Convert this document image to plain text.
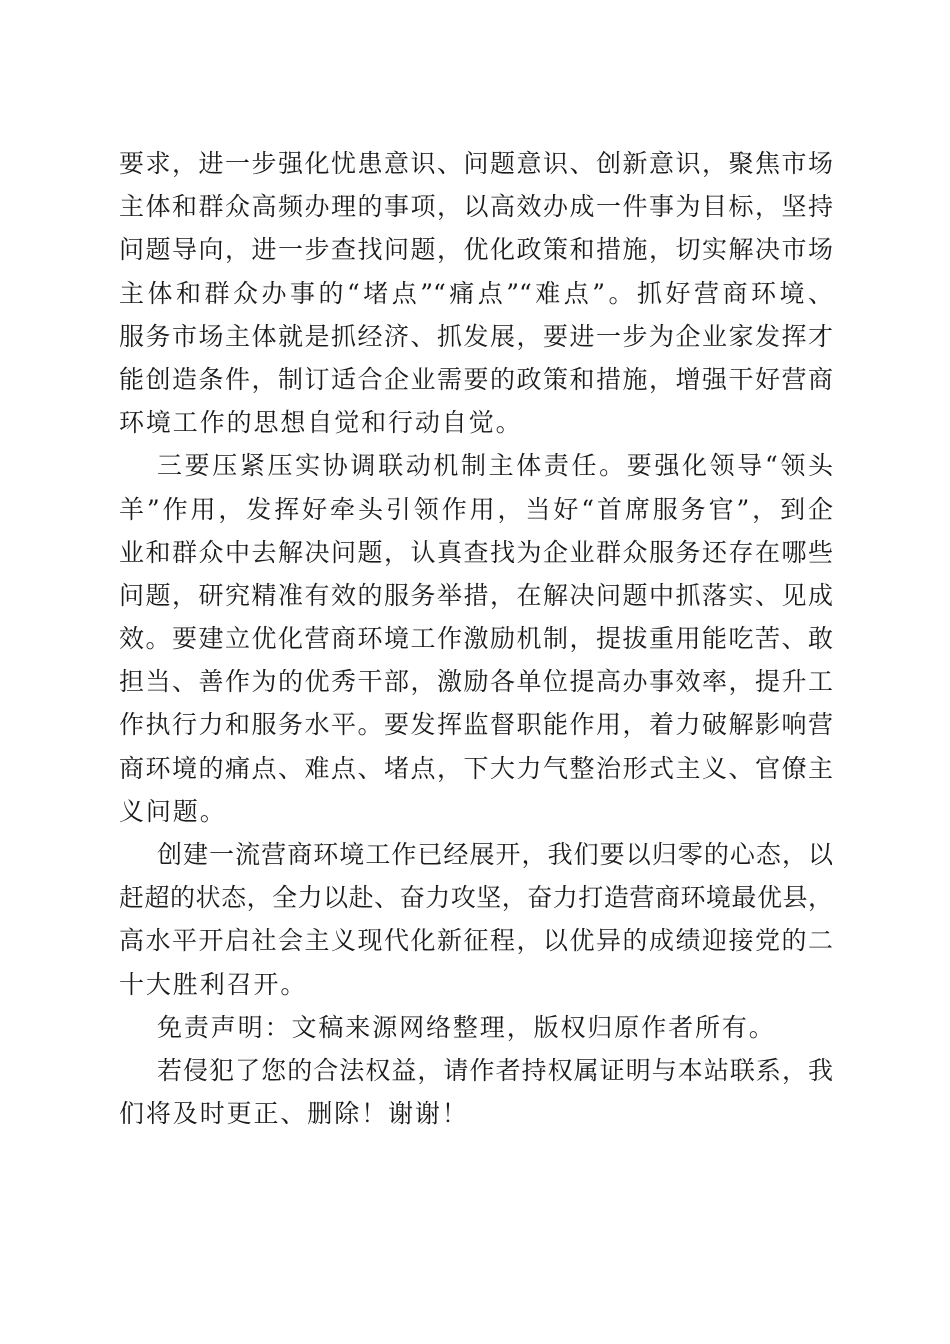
要求，进一步强化忧患意识、问题意识、创新意识，聚焦市场
主体和群众高频办理的事项，以高效办成一件事为目标，坚持
问题导向，进一步查找问题，优化政策和措施，切实解决市场
主体和群众办事的“堵点”“痛点”“难点”。抓好营商环境、
服务市场主体就是抓经济、抓发展，要进一步为企业家发挥才
能创造条件，制订适合企业需要的政策和措施，增强干好营商
环境工作的思想自觉和行动自觉。
三要压紧压实协调联动机制主体责任。要强化领导“领头
羊”作用，发挥好牵头引领作用，当好“首席服务官”，到企
业和群众中去解决问题，认真查找为企业群众服务还存在哪些
问题，研究精准有效的服务举措，在解决问题中抓落实、见成
效。要建立优化营商环境工作激励机制，提拔重用能吃苦、敢
担当、善作为的优秀干部，激励各单位提高办事效率，提升工
作执行力和服务水平。要发挥监督职能作用，着力破解影响营
商环境的痛点、难点、堵点，下大力气整治形式主义、官僚主
义问题。
创建一流营商环境工作已经展开，我们要以归零的心态，以
赶超的状态，全力以赴、奋力攻坚，奋力打造营商环境最优县，
高水平开启社会主义现代化新征程，以优异的成绩迎接党的二
十大胜利召开。
免责声明：文稿来源网络整理，版权归原作者所有。
若侵犯了您的合法权益，请作者持权属证明与本站联系，我
们将及时更正、删除！谢谢！
